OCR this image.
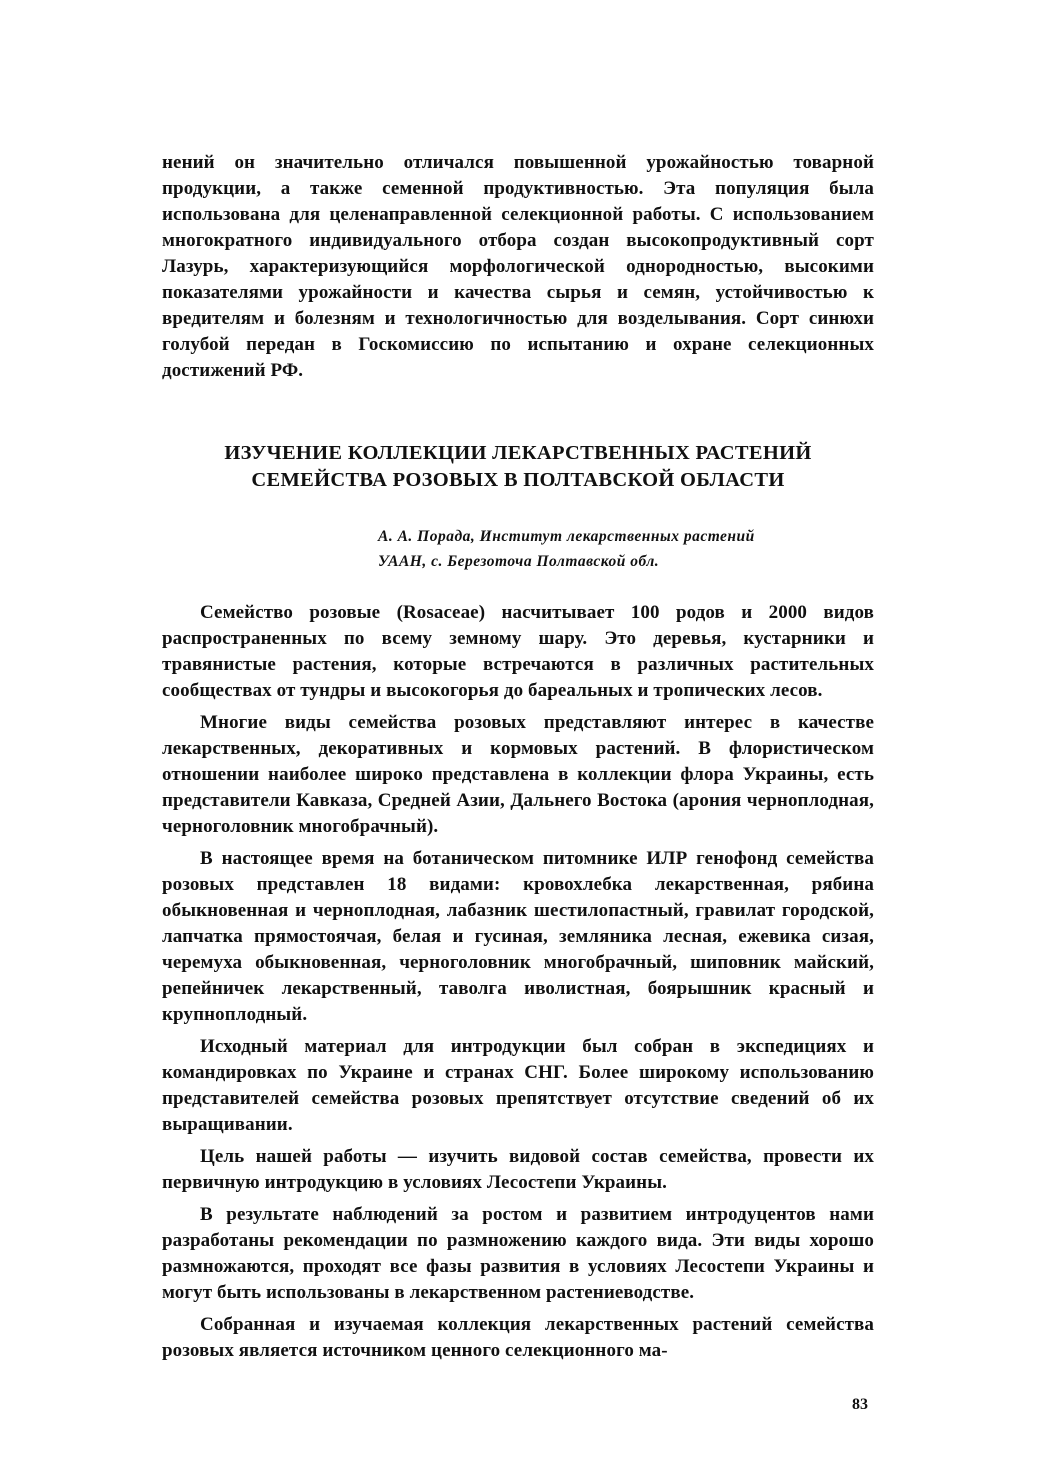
нений он значительно отличался повышенной урожайностью товарной продукции, а также семенной продуктивностью. Эта популяция была использована для целенаправленной селекционной работы. С использованием многократного индивидуального отбора создан высокопродуктивный сорт Лазурь, характеризующийся морфологической однородностью, высокими показателями урожайности и качества сырья и семян, устойчивостью к вредителям и болезням и технологичностью для возделывания. Сорт синюхи голубой передан в Госкомиссию по испытанию и охране селекционных достижений РФ.

ИЗУЧЕНИЕ КОЛЛЕКЦИИ ЛЕКАРСТВЕННЫХ РАСТЕНИЙ
СЕМЕЙСТВА РОЗОВЫХ В ПОЛТАВСКОЙ ОБЛАСТИ
А. А. Порада, Институт лекарственных растений
УААН, с. Березоточа Полтавской обл.

Семейство розовые (Rosaceae) насчитывает 100 родов и 2000 видов распространенных по всему земному шару. Это деревья, кустарники и травянистые растения, которые встречаются в различных растительных сообществах от тундры и высокогорья до бареальных и тропических лесов.

Многие виды семейства розовых представляют интерес в качестве лекарственных, декоративных и кормовых растений. В флористическом отношении наиболее широко представлена в коллекции флора Украины, есть представители Кавказа, Средней Азии, Дальнего Востока (арония черноплодная, черноголовник многобрачный).

В настоящее время на ботаническом питомнике ИЛР генофонд семейства розовых представлен 18 видами: кровохлебка лекарственная, рябина обыкновенная и черноплодная, лабазник шестилопастный, гравилат городской, лапчатка прямостоячая, белая и гусиная, земляника лесная, ежевика сизая, черемуха обыкновенная, черноголовник многобрачный, шиповник майский, репейничек лекарственный, таволга иволистная, боярышник красный и крупноплодный.

Исходный материал для интродукции был собран в экспедициях и командировках по Украине и странах СНГ. Более широкому использованию представителей семейства розовых препятствует отсутствие сведений об их выращивании.

Цель нашей работы — изучить видовой состав семейства, провести их первичную интродукцию в условиях Лесостепи Украины.

В результате наблюдений за ростом и развитием интродуцентов нами разработаны рекомендации по размножению каждого вида. Эти виды хорошо размножаются, проходят все фазы развития в условиях Лесостепи Украины и могут быть использованы в лекарственном растениеводстве.

Собранная и изучаемая коллекция лекарственных растений семейства розовых является источником ценного селекционного ма-

83
